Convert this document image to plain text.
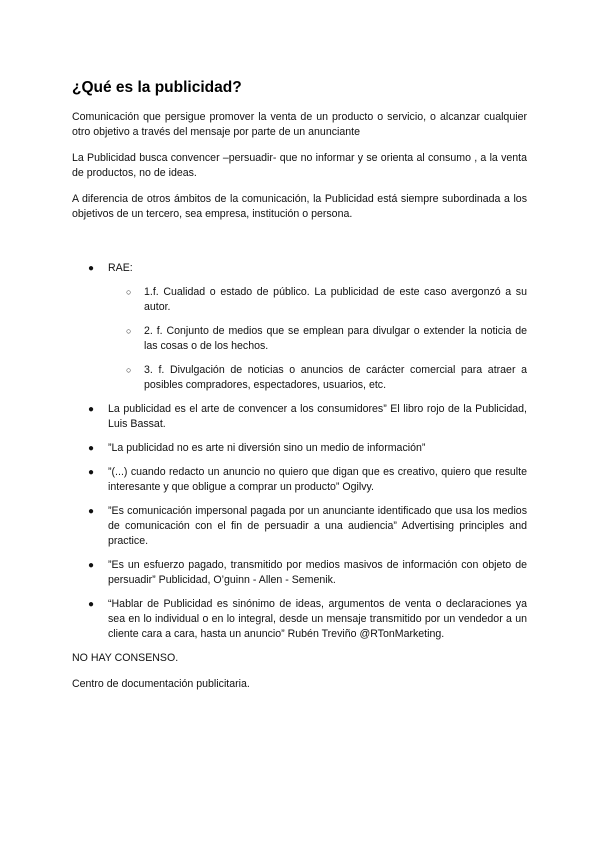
¿Qué es la publicidad?

Comunicación que persigue promover la venta de un producto o servicio, o alcanzar cualquier otro objetivo a través del mensaje por parte de un anunciante

La Publicidad busca convencer –persuadir- que no informar y se orienta al consumo , a la venta de productos, no de ideas.

A diferencia de otros ámbitos de la comunicación, la Publicidad está siempre subordinada a los objetivos de un tercero, sea empresa, institución o persona.

● RAE:
○ 1.f. Cualidad o estado de público. La publicidad de este caso avergonzó a su autor.
○ 2. f. Conjunto de medios que se emplean para divulgar o extender la noticia de las cosas o de los hechos.
○ 3. f. Divulgación de noticias o anuncios de carácter comercial para atraer a posibles compradores, espectadores, usuarios, etc.
● La publicidad es el arte de convencer a los consumidores” El libro rojo de la Publicidad, Luis Bassat.
● ”La publicidad no es arte ni diversión sino un medio de información”
● ”(...) cuando redacto un anuncio no quiero que digan que es creativo, quiero que resulte interesante y que obligue a comprar un producto” Ogilvy.
● ”Es comunicación impersonal pagada por un anunciante identificado que usa los medios de comunicación con el fin de persuadir a una audiencia” Advertising principles and practice.
● ”Es un esfuerzo pagado, transmitido por medios masivos de información con objeto de persuadir” Publicidad, O’guinn - Allen - Semenik.
● “Hablar de Publicidad es sinónimo de ideas, argumentos de venta o declaraciones ya sea en lo individual o en lo integral, desde un mensaje transmitido por un vendedor a un cliente cara a cara, hasta un anuncio” Rubén Treviño @RTonMarketing.

NO HAY CONSENSO.

Centro de documentación publicitaria.
